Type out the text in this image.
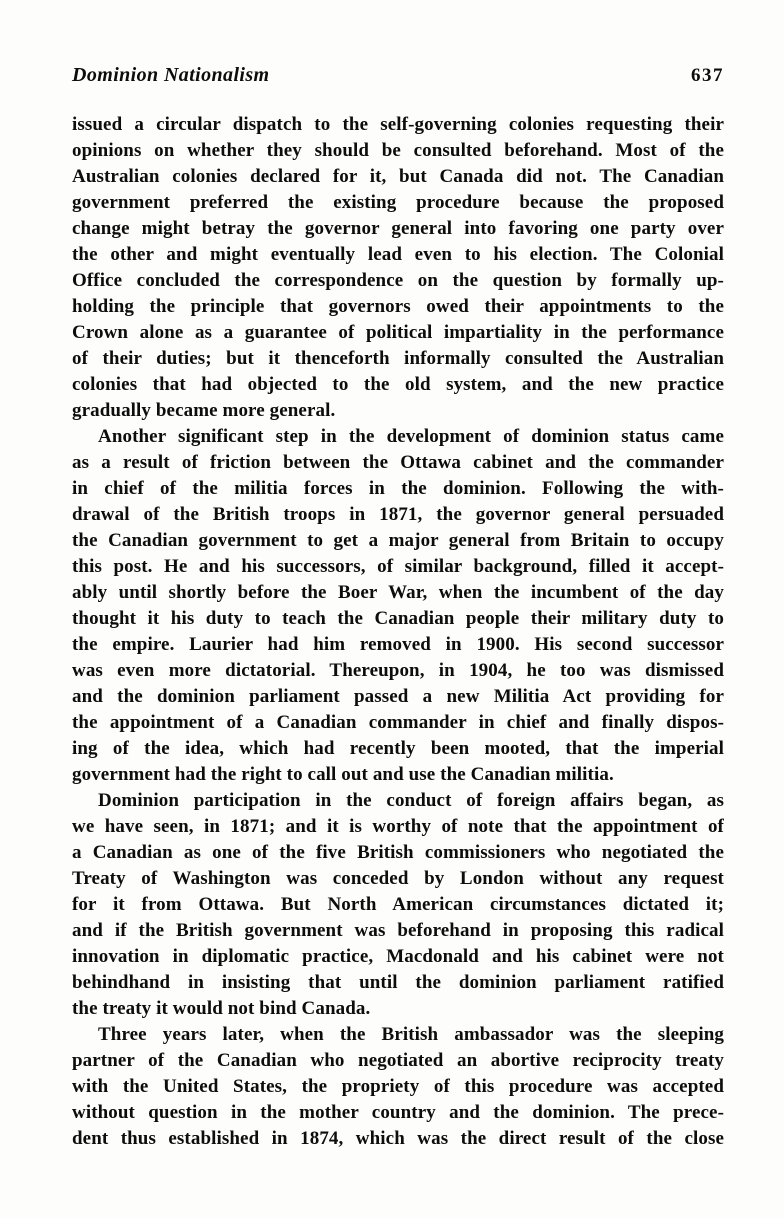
Dominion Nationalism	637
issued a circular dispatch to the self-governing colonies requesting their
opinions on whether they should be consulted beforehand. Most of the
Australian colonies declared for it, but Canada did not. The Canadian
government preferred the existing procedure because the proposed
change might betray the governor general into favoring one party over
the other and might eventually lead even to his election. The Colonial
Office concluded the correspondence on the question by formally up-
holding the principle that governors owed their appointments to the
Crown alone as a guarantee of political impartiality in the performance
of their duties; but it thenceforth informally consulted the Australian
colonies that had objected to the old system, and the new practice
gradually became more general.
Another significant step in the development of dominion status came
as a result of friction between the Ottawa cabinet and the commander
in chief of the militia forces in the dominion. Following the with-
drawal of the British troops in 1871, the governor general persuaded
the Canadian government to get a major general from Britain to occupy
this post. He and his successors, of similar background, filled it accept-
ably until shortly before the Boer War, when the incumbent of the day
thought it his duty to teach the Canadian people their military duty to
the empire. Laurier had him removed in 1900. His second successor
was even more dictatorial. Thereupon, in 1904, he too was dismissed
and the dominion parliament passed a new Militia Act providing for
the appointment of a Canadian commander in chief and finally dispos-
ing of the idea, which had recently been mooted, that the imperial
government had the right to call out and use the Canadian militia.
Dominion participation in the conduct of foreign affairs began, as
we have seen, in 1871; and it is worthy of note that the appointment of
a Canadian as one of the five British commissioners who negotiated the
Treaty of Washington was conceded by London without any request
for it from Ottawa. But North American circumstances dictated it;
and if the British government was beforehand in proposing this radical
innovation in diplomatic practice, Macdonald and his cabinet were not
behindhand in insisting that until the dominion parliament ratified
the treaty it would not bind Canada.
Three years later, when the British ambassador was the sleeping
partner of the Canadian who negotiated an abortive reciprocity treaty
with the United States, the propriety of this procedure was accepted
without question in the mother country and the dominion. The prece-
dent thus established in 1874, which was the direct result of the close
